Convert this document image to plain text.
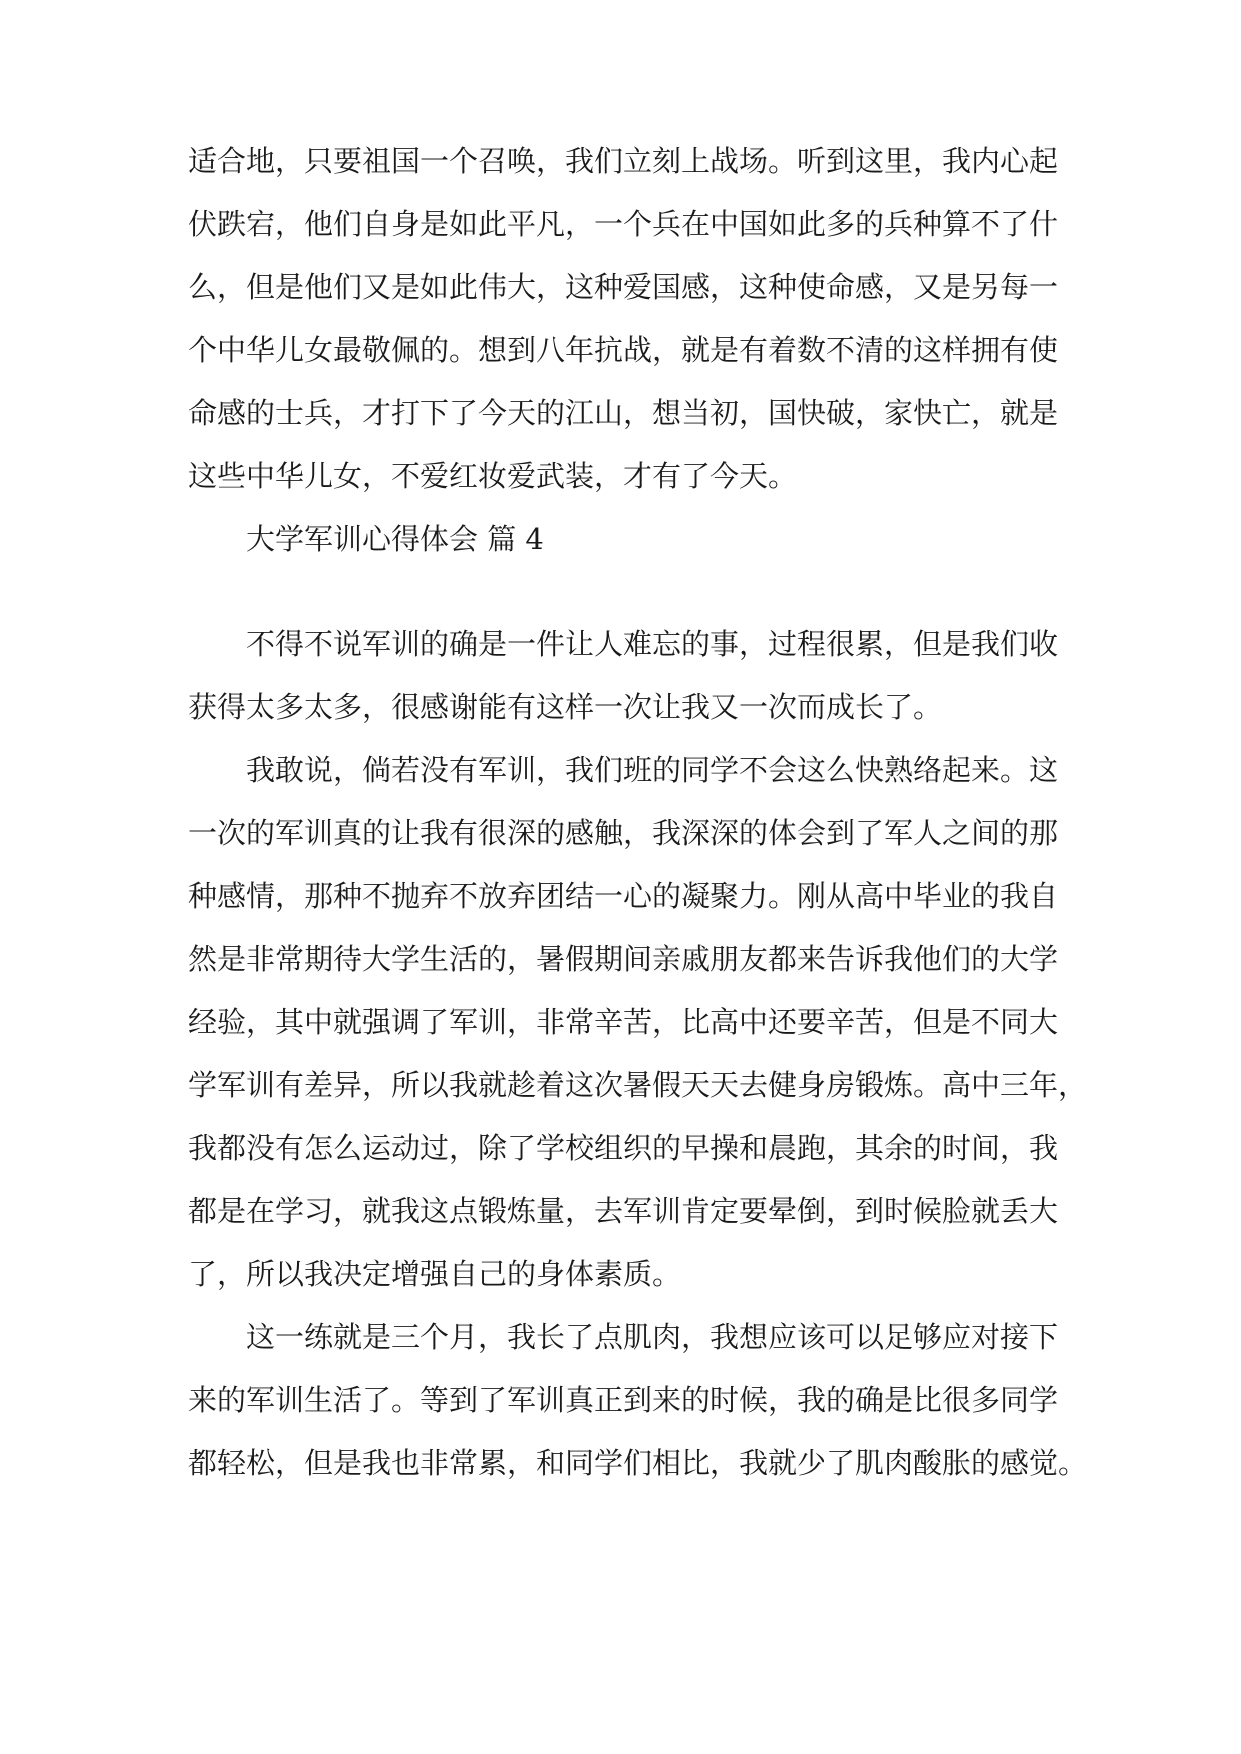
适合地，只要祖国一个召唤，我们立刻上战场。听到这里，我内心起
伏跌宕，他们自身是如此平凡，一个兵在中国如此多的兵种算不了什
么，但是他们又是如此伟大，这种爱国感，这种使命感，又是另每一
个中华儿女最敬佩的。想到八年抗战，就是有着数不清的这样拥有使
命感的士兵，才打下了今天的江山，想当初，国快破，家快亡，就是
这些中华儿女，不爱红妆爱武装，才有了今天。
大学军训心得体会 篇 4
不得不说军训的确是一件让人难忘的事，过程很累，但是我们收
获得太多太多，很感谢能有这样一次让我又一次而成长了。
我敢说，倘若没有军训，我们班的同学不会这么快熟络起来。这
一次的军训真的让我有很深的感触，我深深的体会到了军人之间的那
种感情，那种不抛弃不放弃团结一心的凝聚力。刚从高中毕业的我自
然是非常期待大学生活的，暑假期间亲戚朋友都来告诉我他们的大学
经验，其中就强调了军训，非常辛苦，比高中还要辛苦，但是不同大
学军训有差异，所以我就趁着这次暑假天天去健身房锻炼。高中三年，
我都没有怎么运动过，除了学校组织的早操和晨跑，其余的时间，我
都是在学习，就我这点锻炼量，去军训肯定要晕倒，到时候脸就丢大
了，所以我决定增强自己的身体素质。
这一练就是三个月，我长了点肌肉，我想应该可以足够应对接下
来的军训生活了。等到了军训真正到来的时候，我的确是比很多同学
都轻松，但是我也非常累，和同学们相比，我就少了肌肉酸胀的感觉。
